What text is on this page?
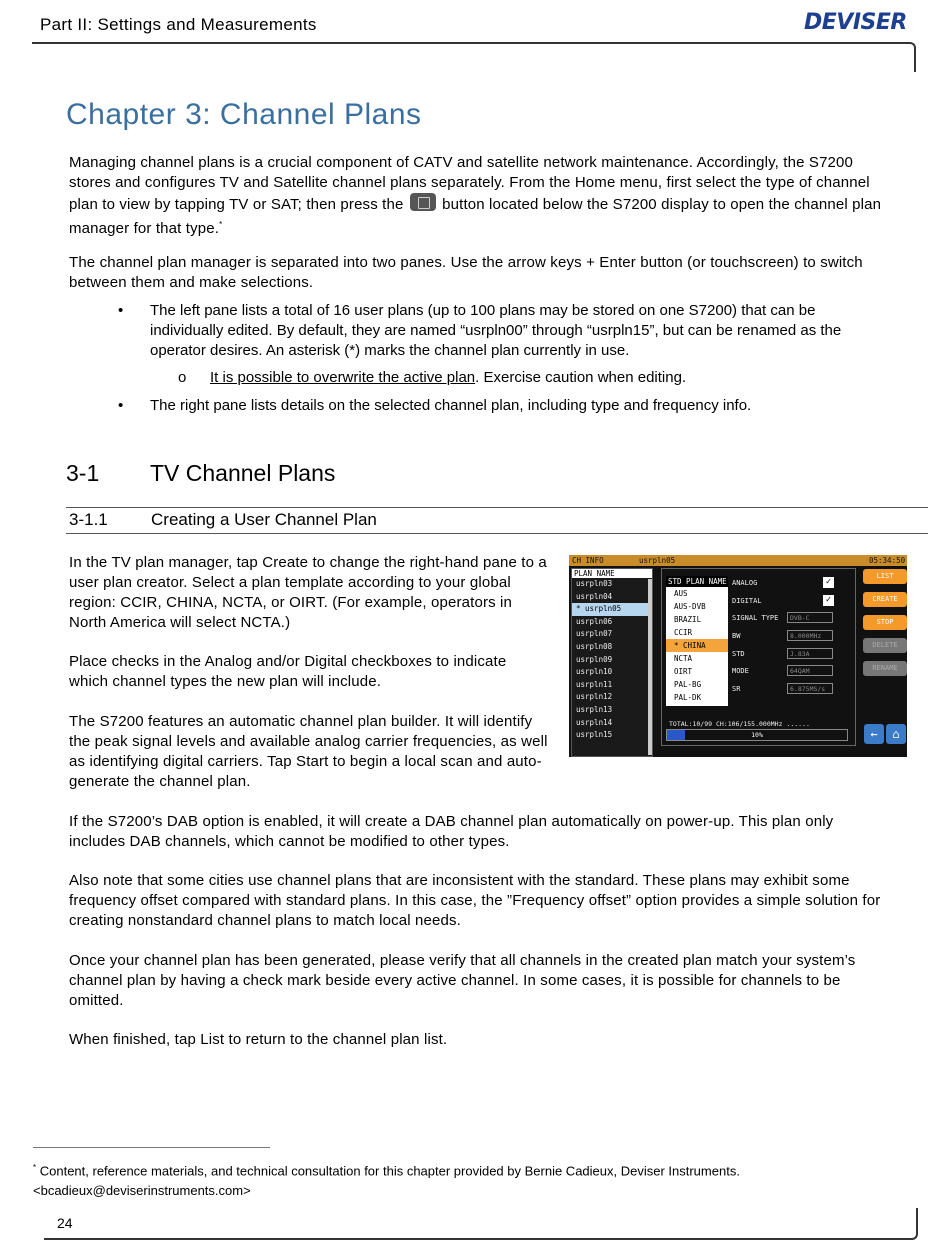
Part II: Settings and Measurements	DEVISER
Chapter 3: Channel Plans
Managing channel plans is a crucial component of CATV and satellite network maintenance. Accordingly, the S7200 stores and configures TV and Satellite channel plans separately. From the Home menu, first select the type of channel plan to view by tapping TV or SAT; then press the	button located below the S7200 display to open the channel plan manager for that type.*
The channel plan manager is separated into two panes. Use the arrow keys + Enter button (or touchscreen) to switch between them and make selections.
• The left pane lists a total of 16 user plans (up to 100 plans may be stored on one S7200) that can be individually edited. By default, they are named “usrpln00” through “usrpln15”, but can be renamed as the operator desires. An asterisk (*) marks the channel plan currently in use.
o It is possible to overwrite the active plan. Exercise caution when editing.
• The right pane lists details on the selected channel plan, including type and frequency info.
3-1 TV Channel Plans
3-1.1	Creating a User Channel Plan
In the TV plan manager, tap Create to change the right-hand pane to a user plan creator. Select a plan template according to your global region: CCIR, CHINA, NCTA, or OIRT. (For example, operators in North America will select NCTA.)
Place checks in the Analog and/or Digital checkboxes to indicate which channel types the new plan will include.
The S7200 features an automatic channel plan builder. It will identify the peak signal levels and available analog carrier frequencies, as well as identifying digital carriers. Tap Start to begin a local scan and auto-generate the channel plan.
CH INFO	usrpln05	05:34:50
PLAN NAME
usrpln03
usrpln04
* usrpln05
usrpln06
usrpln07
usrpln08
usrpln09
usrpln10
usrpln11
usrpln12
usrpln13
usrpln14
usrpln15
STD PLAN NAME
AUS
AUS-DVB
BRAZIL
CCIR
* CHINA
NCTA
OIRT
PAL-BG
PAL-DK
ANALOG	✓
DIGITAL	✓
SIGNAL TYPE	DVB-C
BW	8.000MHz
STD	J.83A
MODE	64QAM
SR	6.875MS/s
TOTAL:10/99 CH:106/155.000MHz ......
10%
LIST
CREATE
STOP
DELETE
RENAME
←	⌂
If the S7200’s DAB option is enabled, it will create a DAB channel plan automatically on power-up. This plan only includes DAB channels, which cannot be modified to other types.
Also note that some cities use channel plans that are inconsistent with the standard. These plans may exhibit some frequency offset compared with standard plans. In this case, the ”Frequency offset” option provides a simple solution for creating nonstandard channel plans to match local needs.
Once your channel plan has been generated, please verify that all channels in the created plan match your system’s channel plan by having a check mark beside every active channel. In some cases, it is possible for channels to be omitted.
When finished, tap List to return to the channel plan list.
* Content, reference materials, and technical consultation for this chapter provided by Bernie Cadieux, Deviser Instruments.
<bcadieux@deviserinstruments.com>
24
